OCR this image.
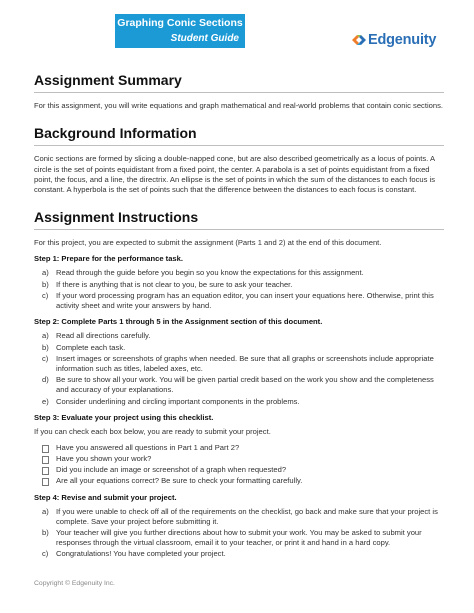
Graphing Conic Sections
Student Guide	Edgenuity
Assignment Summary

For this assignment, you will write equations and graph mathematical and real-world problems that contain conic sections.

Background Information

Conic sections are formed by slicing a double-napped cone, but are also described geometrically as a locus of points. A circle is the set of points equidistant from a fixed point, the center. A parabola is a set of points equidistant from a fixed point, the focus, and a line, the directrix. An ellipse is the set of points in which the sum of the distances to each focus is constant. A hyperbola is the set of points such that the difference between the distances to each focus is constant.

Assignment Instructions

For this project, you are expected to submit the assignment (Parts 1 and 2) at the end of this document.

Step 1: Prepare for the performance task.
a) Read through the guide before you begin so you know the expectations for this assignment.
b) If there is anything that is not clear to you, be sure to ask your teacher.
c) If your word processing program has an equation editor, you can insert your equations here. Otherwise, print this activity sheet and write your answers by hand.
Step 2: Complete Parts 1 through 5 in the Assignment section of this document.
a) Read all directions carefully.
b) Complete each task.
c) Insert images or screenshots of graphs when needed. Be sure that all graphs or screenshots include appropriate information such as titles, labeled axes, etc.
d) Be sure to show all your work. You will be given partial credit based on the work you show and the completeness and accuracy of your explanations.
e) Consider underlining and circling important components in the problems.
Step 3: Evaluate your project using this checklist.

If you can check each box below, you are ready to submit your project.

Have you answered all questions in Part 1 and Part 2?
Have you shown your work?
Did you include an image or screenshot of a graph when requested?
Are all your equations correct? Be sure to check your formatting carefully.
Step 4: Revise and submit your project.
a) If you were unable to check off all of the requirements on the checklist, go back and make sure that your project is complete. Save your project before submitting it.
b) Your teacher will give you further directions about how to submit your work. You may be asked to submit your responses through the virtual classroom, email it to your teacher, or print it and hand in a hard copy.
c) Congratulations! You have completed your project.
Copyright © Edgenuity Inc.
